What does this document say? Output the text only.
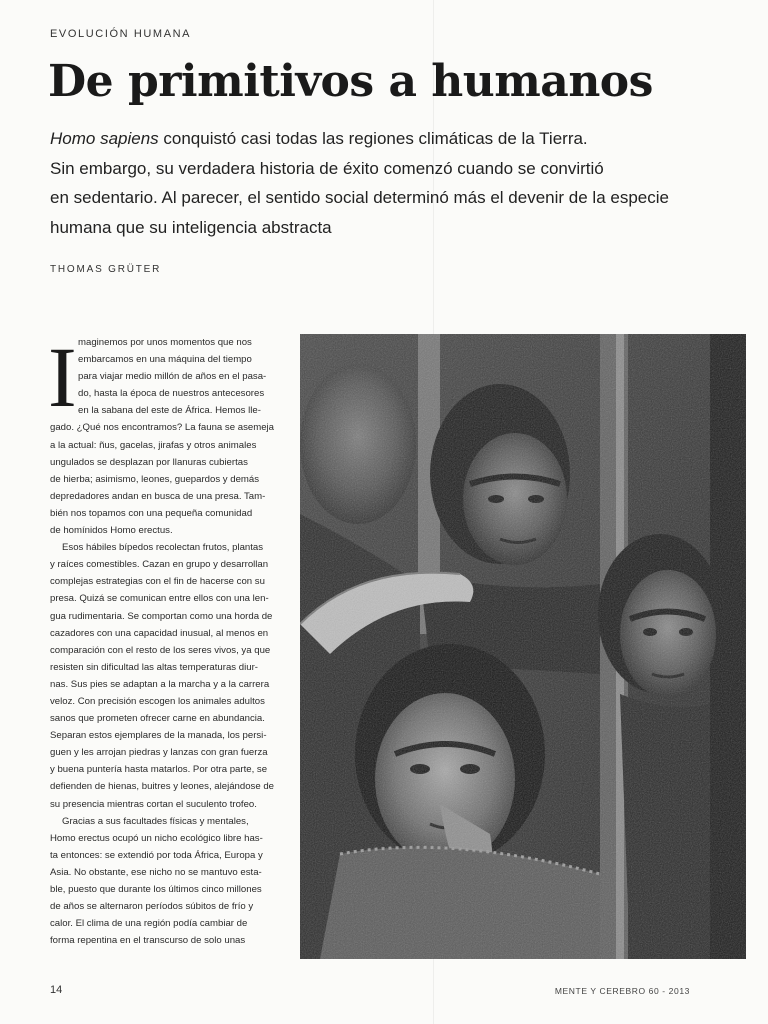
EVOLUCIÓN HUMANA
De primitivos a humanos
Homo sapiens conquistó casi todas las regiones climáticas de la Tierra.
Sin embargo, su verdadera historia de éxito comenzó cuando se convirtió
en sedentario. Al parecer, el sentido social determinó más el devenir de la especie
humana que su inteligencia abstracta
THOMAS GRÜTER
I maginemos por unos momentos que nos
embarcamos en una máquina del tiempo
para viajar medio millón de años en el pasa-
do, hasta la época de nuestros antecesores
en la sabana del este de África. Hemos lle-
gado. ¿Qué nos encontramos? La fauna se asemeja
a la actual: ñus, gacelas, jirafas y otros animales
ungulados se desplazan por llanuras cubiertas
de hierba; asimismo, leones, guepardos y demás
depredadores andan en busca de una presa. Tam-
bién nos topamos con una pequeña comunidad
de homínidos Homo erectus.
Esos hábiles bípedos recolectan frutos, plantas
y raíces comestibles. Cazan en grupo y desarrollan
complejas estrategias con el fin de hacerse con su
presa. Quizá se comunican entre ellos con una len-
gua rudimentaria. Se comportan como una horda de
cazadores con una capacidad inusual, al menos en
comparación con el resto de los seres vivos, ya que
resisten sin dificultad las altas temperaturas diur-
nas. Sus pies se adaptan a la marcha y a la carrera
veloz. Con precisión escogen los animales adultos
sanos que prometen ofrecer carne en abundancia.
Separan estos ejemplares de la manada, los persi-
guen y les arrojan piedras y lanzas con gran fuerza
y buena puntería hasta matarlos. Por otra parte, se
defienden de hienas, buitres y leones, alejándose de
su presencia mientras cortan el suculento trofeo.
Gracias a sus facultades físicas y mentales,
Homo erectus ocupó un nicho ecológico libre has-
ta entonces: se extendió por toda África, Europa y
Asia. No obstante, ese nicho no se mantuvo esta-
ble, puesto que durante los últimos cinco millones
de años se alternaron períodos súbitos de frío y
calor. El clima de una región podía cambiar de
forma repentina en el transcurso de solo unas
14	MENTE Y CEREBRO 60 - 2013
